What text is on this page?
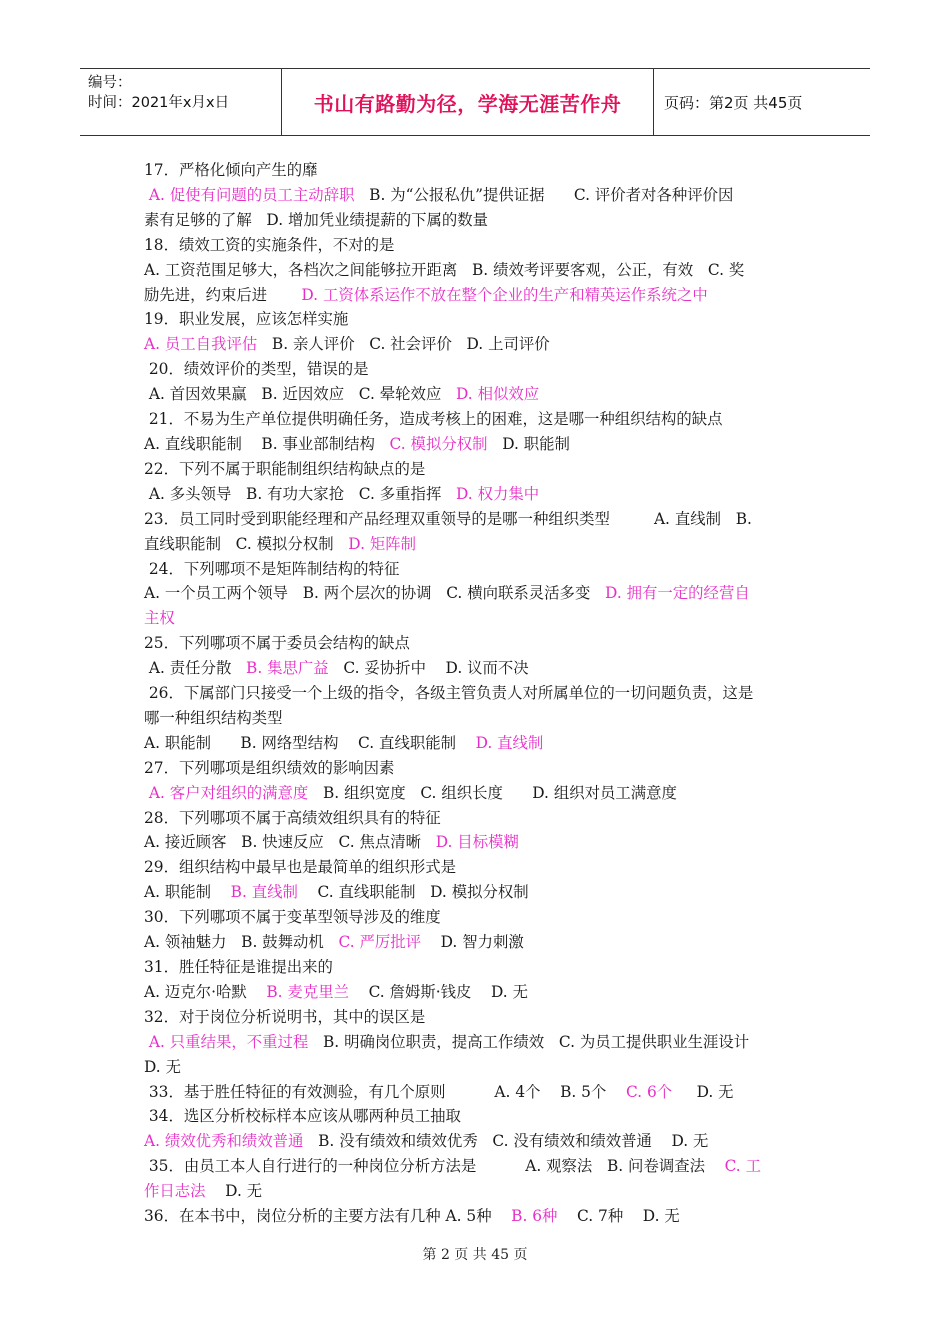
编号：
时间：2021年x月x日	书山有路勤为径，学海无涯苦作舟	页码：第2页 共45页

17．严格化倾向产生的靡

A. 促使有问题的员工主动辞职   B. 为“公报私仇”提供证据      C. 评价者对各种评价因

素有足够的了解   D. 增加凭业绩提薪的下属的数量

18．绩效工资的实施条件，不对的是

A. 工资范围足够大，各档次之间能够拉开距离   B. 绩效考评要客观，公正，有效   C. 奖

励先进，约束后进       D. 工资体系运作不放在整个企业的生产和精英运作系统之中

19．职业发展，应该怎样实施

A. 员工自我评估   B. 亲人评价   C. 社会评价   D. 上司评价

20．绩效评价的类型，错误的是

A. 首因效果赢   B. 近因效应   C. 晕轮效应   D. 相似效应

21．不易为生产单位提供明确任务，造成考核上的困难，这是哪一种组织结构的缺点

A. 直线职能制    B. 事业部制结构   C. 模拟分权制   D. 职能制

22．下列不属于职能制组织结构缺点的是

A. 多头领导   B. 有功大家抢   C. 多重指挥   D. 权力集中

23．员工同时受到职能经理和产品经理双重领导的是哪一种组织类型         A. 直线制   B.

直线职能制   C. 模拟分权制   D. 矩阵制

24．下列哪项不是矩阵制结构的特征

A. 一个员工两个领导   B. 两个层次的协调   C. 横向联系灵活多变   D. 拥有一定的经营自

主权

25．下列哪项不属于委员会结构的缺点

A. 责任分散   B. 集思广益   C. 妥协折中    D. 议而不决

26．下属部门只接受一个上级的指令，各级主管负责人对所属单位的一切问题负责，这是

哪一种组织结构类型

A. 职能制      B. 网络型结构    C. 直线职能制    D. 直线制

27．下列哪项是组织绩效的影响因素

A. 客户对组织的满意度   B. 组织宽度   C. 组织长度      D. 组织对员工满意度

28．下列哪项不属于高绩效组织具有的特征

A. 接近顾客   B. 快速反应   C. 焦点清晰   D. 目标模糊

29．组织结构中最早也是最简单的组织形式是

A. 职能制    B. 直线制    C. 直线职能制   D. 模拟分权制

30．下列哪项不属于变革型领导涉及的维度

A. 领袖魅力   B. 鼓舞动机   C. 严厉批评    D. 智力刺激

31．胜任特征是谁提出来的

A. 迈克尔·哈默    B. 麦克里兰    C. 詹姆斯·钱皮    D. 无

32．对于岗位分析说明书，其中的误区是

A. 只重结果，不重过程   B. 明确岗位职责，提高工作绩效   C. 为员工提供职业生涯设计

D. 无

33．基于胜任特征的有效测验，有几个原则          A. 4个    B. 5个    C. 6个     D. 无

34．选区分析校标样本应该从哪两种员工抽取

A. 绩效优秀和绩效普通   B. 没有绩效和绩效优秀   C. 没有绩效和绩效普通    D. 无

35．由员工本人自行进行的一种岗位分析方法是          A. 观察法   B. 问卷调查法    C. 工

作日志法    D. 无

36．在本书中，岗位分析的主要方法有几种 A. 5种    B. 6种    C. 7种    D. 无

第 2 页 共 45 页
